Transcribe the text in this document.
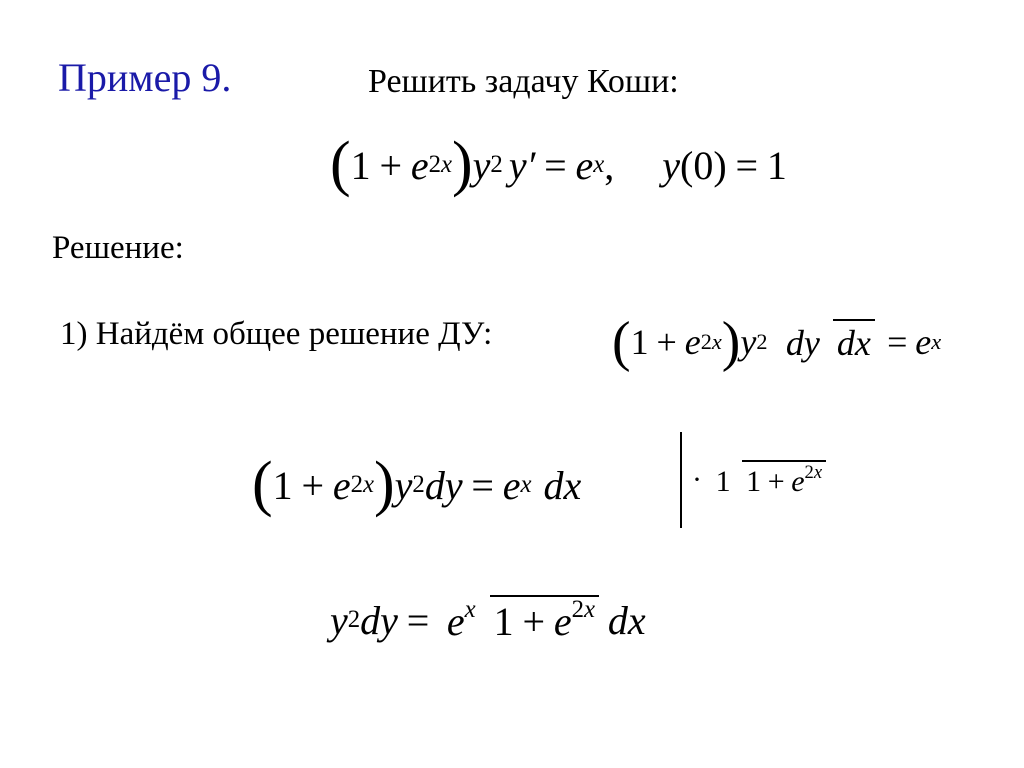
Пример 9.	Решить задачу Коши:
( 1 + e 2x ) y 2 y′ = e x , y (0) = 1
Решение:
1) Найдём общее решение ДУ: ( 1 + e 2x ) y 2 dy dx = e x
( 1 + e 2x ) y 2 dy = e x dx	· 1 $1 + e^{2x}$
y 2 dy = $e^x$ $1 + e^{2x}$ dx
